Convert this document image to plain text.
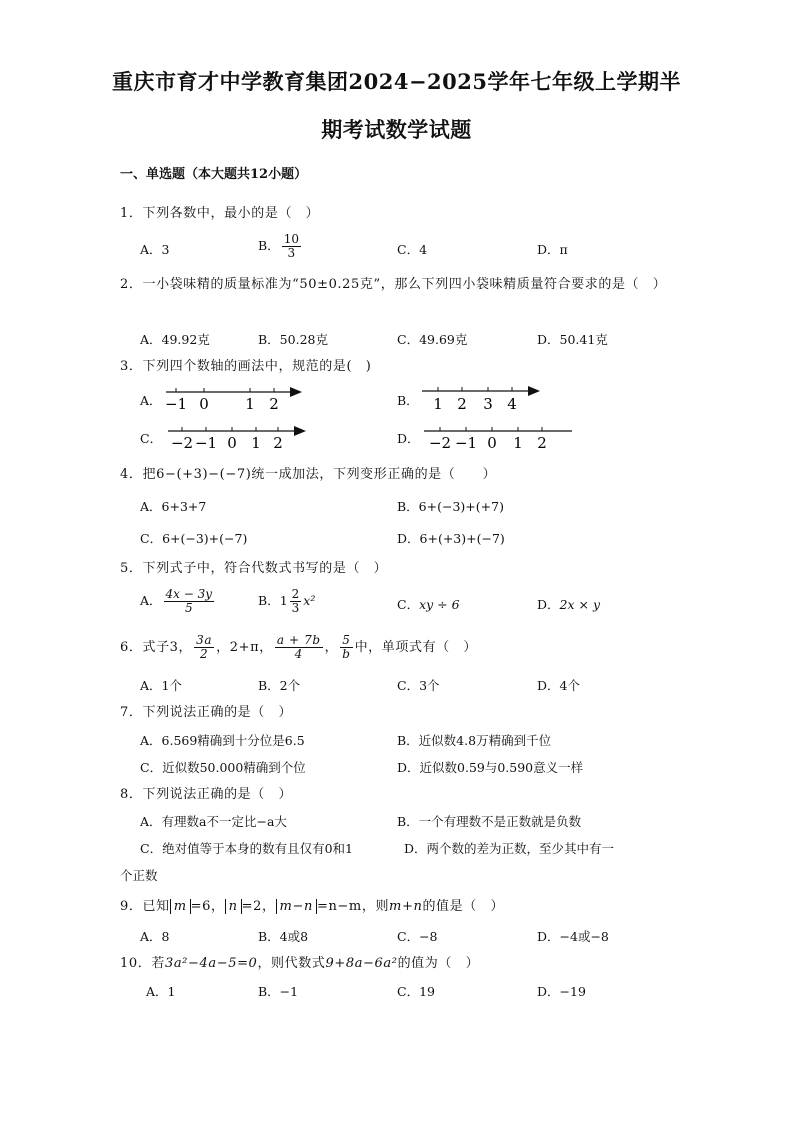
重庆市育才中学教育集团2024−2025学年七年级上学期半
期考试数学试题
一、单选题（本大题共12小题）
1．下列各数中，最小的是（　）
A．3	B． $\frac{10}{3}$	C．4	D．π
2．一小袋味精的质量标准为“50±0.25克”，那么下列四小袋味精质量符合要求的是（　）
A．49.92克	B．50.28克	C．49.69克	D．50.41克
3．下列四个数轴的画法中，规范的是(　)
A．	B．
C．	D．
−1 0 1 2	1 2 3 4
−2 −1 0 1 2	−2 −1 0 1 2
4．把6−(+3)−(−7)统一成加法，下列变形正确的是（　　）
A．6+3+7	B．6+(−3)+(+7)
C．6+(−3)+(−7)	D．6+(+3)+(−7)
5．下列式子中，符合代数式书写的是（　）
A． $\frac{4x - 3y}{5}$	B．$1 \frac{2}{3} x^2$	C．xy ÷ 6	D．2x × y
6．式子3， $\frac{3a}{2}$ ，2+π， $\frac{a + 7b}{4}$ ， $\frac{5}{b}$ 中，单项式有（　）
A．1个	B．2个	C．3个	D．4个
7．下列说法正确的是（　）
A．6.569精确到十分位是6.5	B．近似数4.8万精确到千位
C．近似数50.000精确到个位	D．近似数0.59与0.590意义一样
8．下列说法正确的是（　）
A．有理数a不一定比−a大	B．一个有理数不是正数就是负数
C．绝对值等于本身的数有且仅有0和1	D．两个数的差为正数，至少其中有一
个正数
9．已知 m =6， n =2， m−n =n−m，则m+n的值是（　）
A．8	B．4或8	C．−8	D．−4或−8
10．若3a²−4a−5=0，则代数式9+8a−6a²的值为（　）
A．1	B．−1	C．19	D．−19
